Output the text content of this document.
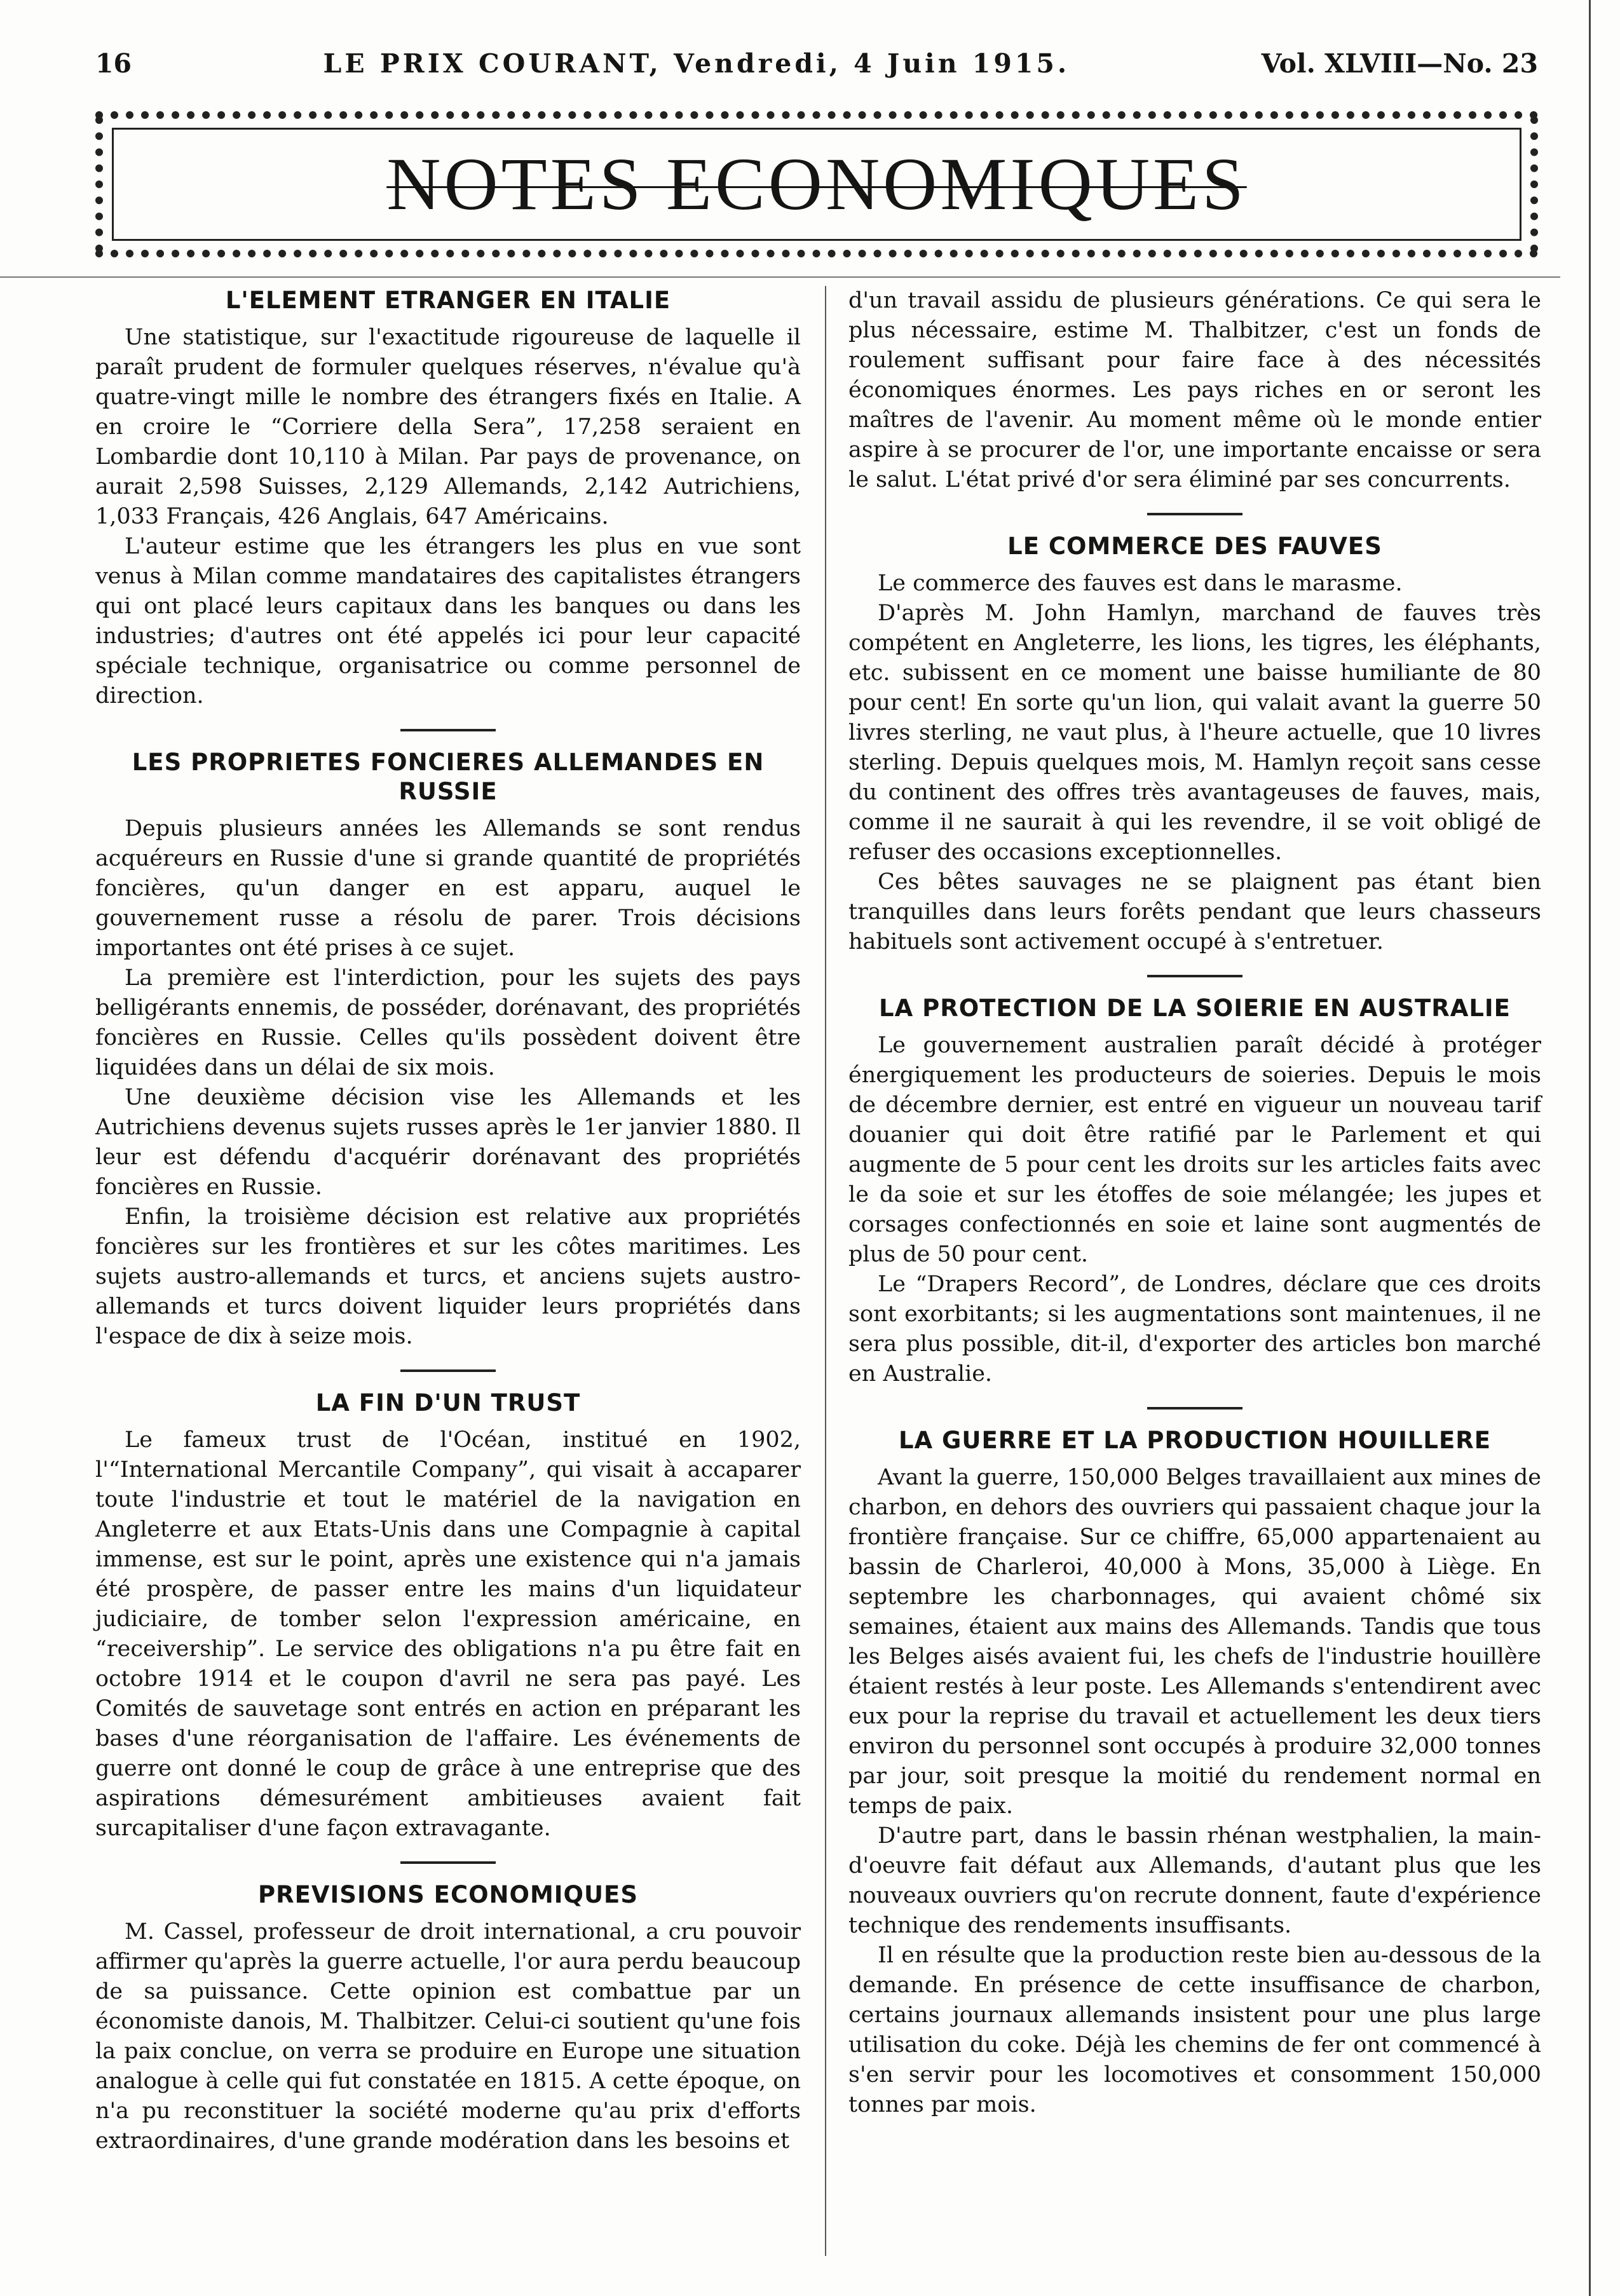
16	LE PRIX COURANT, Vendredi, 4 Juin 1915.	Vol. XLVIII—No. 23
NOTES ECONOMIQUES
L'ELEMENT ETRANGER EN ITALIE

Une statistique, sur l'exactitude rigoureuse de laquelle il paraît prudent de formuler quelques réserves, n'évalue qu'à quatre-vingt mille le nombre des étrangers fixés en Italie. A en croire le “Corriere della Sera”, 17,258 seraient en Lombardie dont 10,110 à Milan. Par pays de provenance, on aurait 2,598 Suisses, 2,129 Allemands, 2,142 Autrichiens, 1,033 Français, 426 Anglais, 647 Américains.

L'auteur estime que les étrangers les plus en vue sont venus à Milan comme mandataires des capitalistes étrangers qui ont placé leurs capitaux dans les banques ou dans les industries; d'autres ont été appelés ici pour leur capacité spéciale technique, organisatrice ou comme personnel de direction.

LES PROPRIETES FONCIERES ALLEMANDES EN RUSSIE

Depuis plusieurs années les Allemands se sont rendus acquéreurs en Russie d'une si grande quantité de propriétés foncières, qu'un danger en est apparu, auquel le gouvernement russe a résolu de parer. Trois décisions importantes ont été prises à ce sujet.

La première est l'interdiction, pour les sujets des pays belligérants ennemis, de posséder, dorénavant, des propriétés foncières en Russie. Celles qu'ils possèdent doivent être liquidées dans un délai de six mois.

Une deuxième décision vise les Allemands et les Autrichiens devenus sujets russes après le 1er janvier 1880. Il leur est défendu d'acquérir dorénavant des propriétés foncières en Russie.

Enfin, la troisième décision est relative aux propriétés foncières sur les frontières et sur les côtes maritimes. Les sujets austro-allemands et turcs, et anciens sujets austro-allemands et turcs doivent liquider leurs propriétés dans l'espace de dix à seize mois.

LA FIN D'UN TRUST

Le fameux trust de l'Océan, institué en 1902, l'“International Mercantile Company”, qui visait à accaparer toute l'industrie et tout le matériel de la navigation en Angleterre et aux Etats-Unis dans une Compagnie à capital immense, est sur le point, après une existence qui n'a jamais été prospère, de passer entre les mains d'un liquidateur judiciaire, de tomber selon l'expression américaine, en “receivership”. Le service des obligations n'a pu être fait en octobre 1914 et le coupon d'avril ne sera pas payé. Les Comités de sauvetage sont entrés en action en préparant les bases d'une réorganisation de l'affaire. Les événements de guerre ont donné le coup de grâce à une entreprise que des aspirations démesurément ambitieuses avaient fait surcapitaliser d'une façon extravagante.

PREVISIONS ECONOMIQUES

M. Cassel, professeur de droit international, a cru pouvoir affirmer qu'après la guerre actuelle, l'or aura perdu beaucoup de sa puissance. Cette opinion est combattue par un économiste danois, M. Thalbitzer. Celui-ci soutient qu'une fois la paix conclue, on verra se produire en Europe une situation analogue à celle qui fut constatée en 1815. A cette époque, on n'a pu reconstituer la société moderne qu'au prix d'efforts extraordinaires, d'une grande modération dans les besoins et

d'un travail assidu de plusieurs générations. Ce qui sera le plus nécessaire, estime M. Thalbitzer, c'est un fonds de roulement suffisant pour faire face à des nécessités économiques énormes. Les pays riches en or seront les maîtres de l'avenir. Au moment même où le monde entier aspire à se procurer de l'or, une importante encaisse or sera le salut. L'état privé d'or sera éliminé par ses concurrents.

LE COMMERCE DES FAUVES

Le commerce des fauves est dans le marasme.

D'après M. John Hamlyn, marchand de fauves très compétent en Angleterre, les lions, les tigres, les éléphants, etc. subissent en ce moment une baisse humiliante de 80 pour cent! En sorte qu'un lion, qui valait avant la guerre 50 livres sterling, ne vaut plus, à l'heure actuelle, que 10 livres sterling. Depuis quelques mois, M. Hamlyn reçoit sans cesse du continent des offres très avantageuses de fauves, mais, comme il ne saurait à qui les revendre, il se voit obligé de refuser des occasions exceptionnelles.

Ces bêtes sauvages ne se plaignent pas étant bien tranquilles dans leurs forêts pendant que leurs chasseurs habituels sont activement occupé à s'entretuer.

LA PROTECTION DE LA SOIERIE EN AUSTRALIE

Le gouvernement australien paraît décidé à protéger énergiquement les producteurs de soieries. Depuis le mois de décembre dernier, est entré en vigueur un nouveau tarif douanier qui doit être ratifié par le Parlement et qui augmente de 5 pour cent les droits sur les articles faits avec le da soie et sur les étoffes de soie mélangée; les jupes et corsages confectionnés en soie et laine sont augmentés de plus de 50 pour cent.

Le “Drapers Record”, de Londres, déclare que ces droits sont exorbitants; si les augmentations sont maintenues, il ne sera plus possible, dit-il, d'exporter des articles bon marché en Australie.

LA GUERRE ET LA PRODUCTION HOUILLERE

Avant la guerre, 150,000 Belges travaillaient aux mines de charbon, en dehors des ouvriers qui passaient chaque jour la frontière française. Sur ce chiffre, 65,000 appartenaient au bassin de Charleroi, 40,000 à Mons, 35,000 à Liège. En septembre les charbonnages, qui avaient chômé six semaines, étaient aux mains des Allemands. Tandis que tous les Belges aisés avaient fui, les chefs de l'industrie houillère étaient restés à leur poste. Les Allemands s'entendirent avec eux pour la reprise du travail et actuellement les deux tiers environ du personnel sont occupés à produire 32,000 tonnes par jour, soit presque la moitié du rendement normal en temps de paix.

D'autre part, dans le bassin rhénan westphalien, la main-d'oeuvre fait défaut aux Allemands, d'autant plus que les nouveaux ouvriers qu'on recrute donnent, faute d'expérience technique des rendements insuffisants.

Il en résulte que la production reste bien au-dessous de la demande. En présence de cette insuffisance de charbon, certains journaux allemands insistent pour une plus large utilisation du coke. Déjà les chemins de fer ont commencé à s'en servir pour les locomotives et consomment 150,000 tonnes par mois.
